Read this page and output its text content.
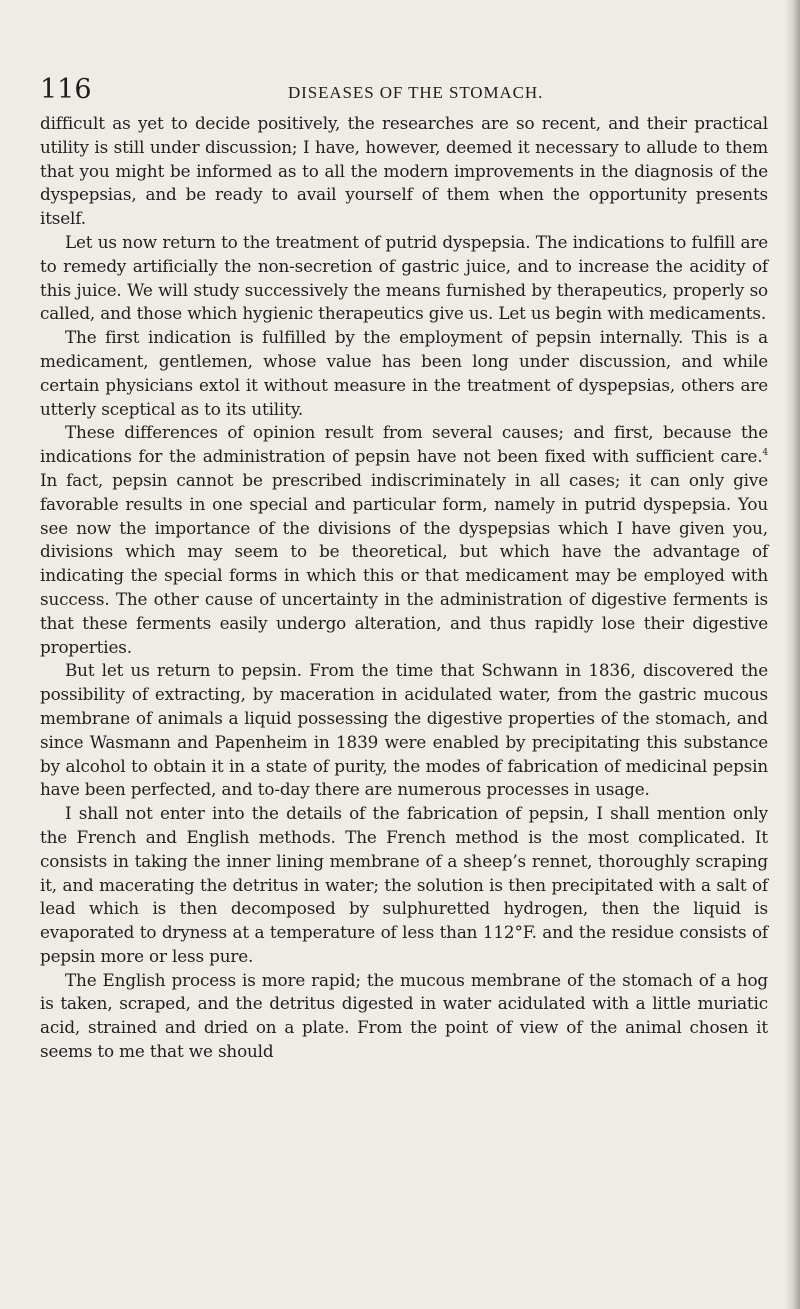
116	DISEASES OF THE STOMACH.

difficult as yet to decide positively, the researches are so recent, and their practical utility is still under discussion; I have, however, deemed it necessary to allude to them that you might be informed as to all the modern improvements in the diagnosis of the dyspepsias, and be ready to avail yourself of them when the opportunity presents itself.

Let us now return to the treatment of putrid dyspepsia. The indications to fulfill are to remedy artificially the non-secretion of gastric juice, and to increase the acidity of this juice. We will study successively the means furnished by therapeutics, properly so called, and those which hygienic therapeutics give us. Let us begin with medicaments.

The first indication is fulfilled by the employment of pepsin internally. This is a medicament, gentlemen, whose value has been long under discussion, and while certain physicians extol it without measure in the treatment of dyspepsias, others are utterly sceptical as to its utility.

These differences of opinion result from several causes; and first, because the indications for the administration of pepsin have not been fixed with sufficient care.$^4$ In fact, pepsin cannot be prescribed indiscriminately in all cases; it can only give favorable results in one special and particular form, namely in putrid dyspepsia. You see now the importance of the divisions of the dyspepsias which I have given you, divisions which may seem to be theoretical, but which have the advantage of indicating the special forms in which this or that medicament may be employed with success. The other cause of uncertainty in the administration of digestive ferments is that these ferments easily undergo alteration, and thus rapidly lose their digestive properties.

But let us return to pepsin. From the time that Schwann in 1836, discovered the possibility of extracting, by maceration in acidulated water, from the gastric mucous membrane of animals a liquid possessing the digestive properties of the stomach, and since Wasmann and Papenheim in 1839 were enabled by precipitating this substance by alcohol to obtain it in a state of purity, the modes of fabrication of medicinal pepsin have been perfected, and to-day there are numerous processes in usage.

I shall not enter into the details of the fabrication of pepsin, I shall mention only the French and English methods. The French method is the most complicated. It consists in taking the inner lining membrane of a sheep’s rennet, thoroughly scraping it, and macerating the detritus in water; the solution is then precipitated with a salt of lead which is then decomposed by sulphuretted hydrogen, then the liquid is evaporated to dryness at a temperature of less than 112°F. and the residue consists of pepsin more or less pure.

The English process is more rapid; the mucous membrane of the stomach of a hog is taken, scraped, and the detritus digested in water acidulated with a little muriatic acid, strained and dried on a plate. From the point of view of the animal chosen it seems to me that we should
